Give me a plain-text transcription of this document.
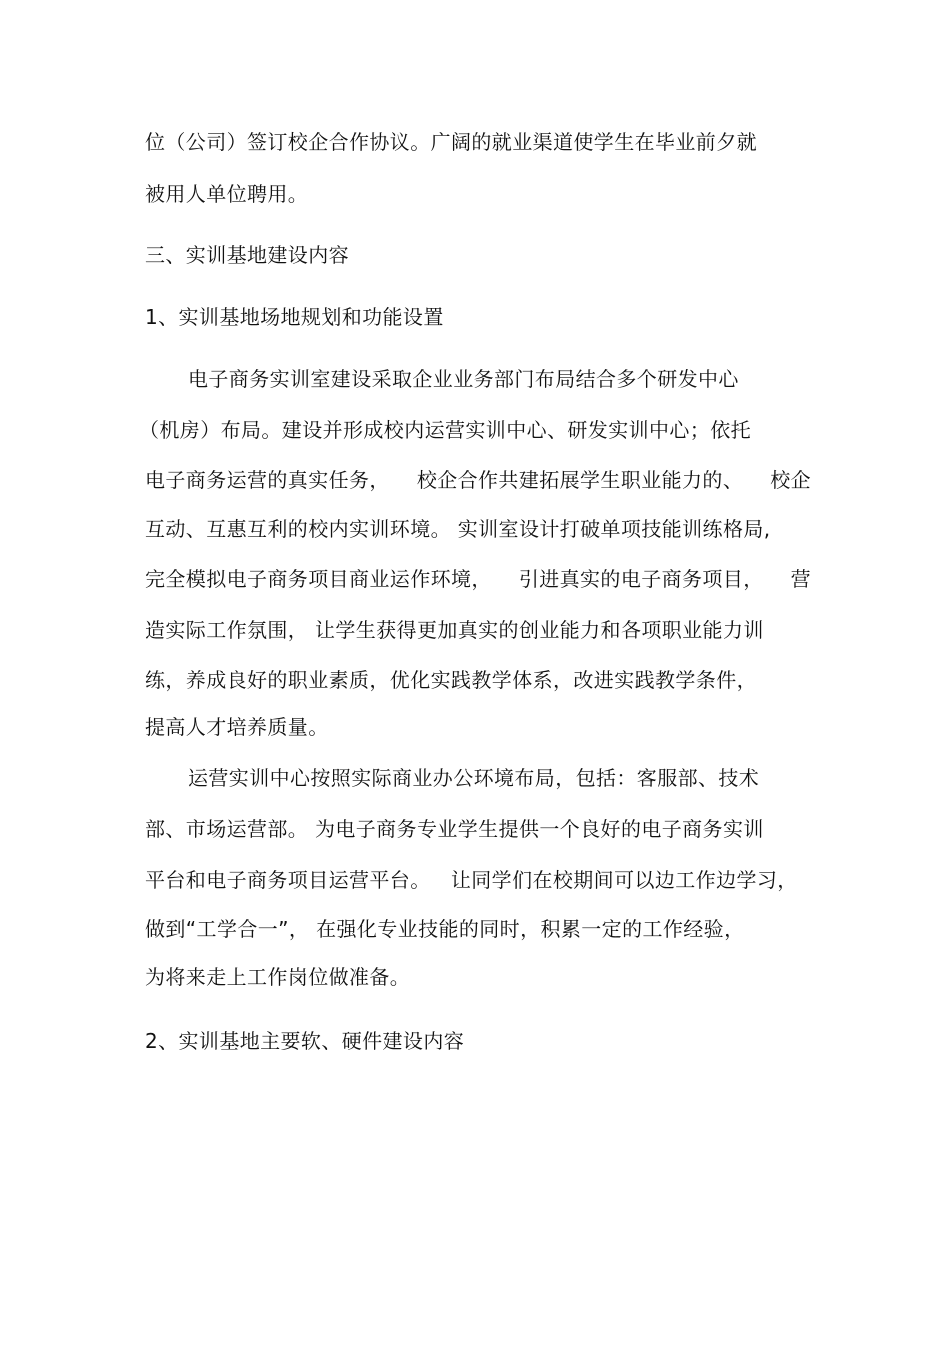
位（公司）签订校企合作协议。广阔的就业渠道使学生在毕业前夕就
被用人单位聘用。
三、实训基地建设内容
1、实训基地场地规划和功能设置
电子商务实训室建设采取企业业务部门布局结合多个研发中心
（机房）布局。建设并形成校内运营实训中心、研发实训中心；依托
电子商务运营的真实任务，    校企合作共建拓展学生职业能力的、    校企
互动、互惠互利的校内实训环境。 实训室设计打破单项技能训练格局,
完全模拟电子商务项目商业运作环境，    引进真实的电子商务项目，    营
造实际工作氛围， 让学生获得更加真实的创业能力和各项职业能力训
练，养成良好的职业素质，优化实践教学体系，改进实践教学条件，
提高人才培养质量。
运营实训中心按照实际商业办公环境布局，包括：客服部、技术
部、市场运营部。 为电子商务专业学生提供一个良好的电子商务实训
平台和电子商务项目运营平台。   让同学们在校期间可以边工作边学习，
做到“工学合一”， 在强化专业技能的同时，积累一定的工作经验，
为将来走上工作岗位做准备。
2、实训基地主要软、硬件建设内容
